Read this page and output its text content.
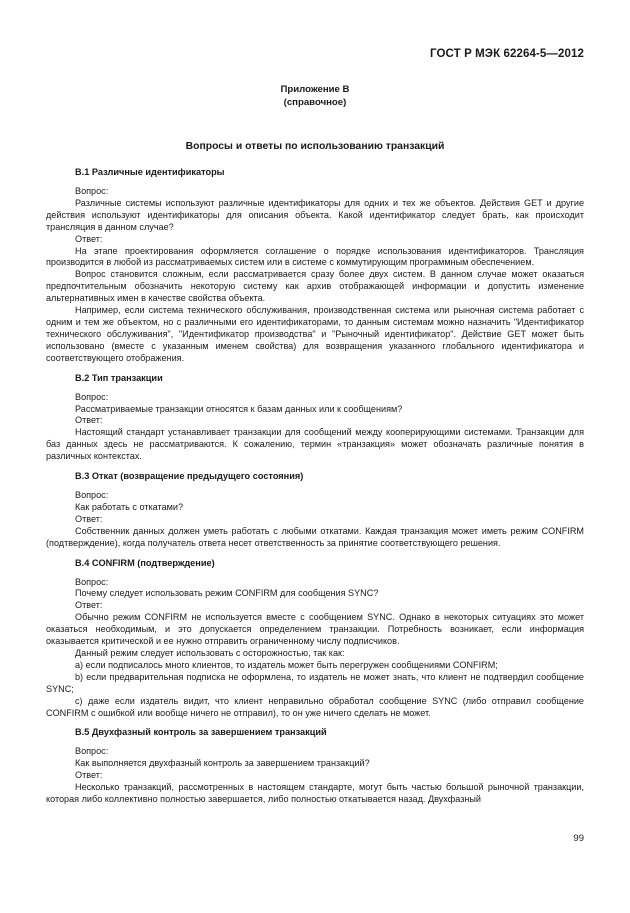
ГОСТ Р МЭК 62264-5—2012
Приложение В
(справочное)
Вопросы и ответы по использованию транзакций
В.1 Различные идентификаторы

Вопрос:

Различные системы используют различные идентификаторы для одних и тех же объектов. Действия GET и другие действия используют идентификаторы для описания объекта. Какой идентификатор следует брать, как происходит трансляция в данном случае?

Ответ:

На этапе проектирования оформляется соглашение о порядке использования идентификаторов. Трансляция производится в любой из рассматриваемых систем или в системе с коммутирующим программным обеспечением.

Вопрос становится сложным, если рассматривается сразу более двух систем. В данном случае может оказаться предпочтительным обозначить некоторую систему как архив отображающей информации и допустить изменение альтернативных имен в качестве свойства объекта.

Например, если система технического обслуживания, производственная система или рыночная система работает с одним и тем же объектом, но с различными его идентификаторами, то данным системам можно назначить "Идентификатор технического обслуживания", "Идентификатор производства" и "Рыночный идентификатор". Действие GET может быть использовано (вместе с указанным именем свойства) для возвращения указанного глобального идентификатора и соответствующего отображения.

В.2 Тип транзакции

Вопрос:

Рассматриваемые транзакции относятся к базам данных или к сообщениям?

Ответ:

Настоящий стандарт устанавливает транзакции для сообщений между кооперирующими системами. Транзакции для баз данных здесь не рассматриваются. К сожалению, термин «транзакция» может обозначать различные понятия в различных контекстах.

В.3 Откат (возвращение предыдущего состояния)

Вопрос:

Как работать с откатами?

Ответ:

Собственник данных должен уметь работать с любыми откатами. Каждая транзакция может иметь режим CONFIRM (подтверждение), когда получатель ответа несет ответственность за принятие соответствующего решения.

В.4 CONFIRM (подтверждение)

Вопрос:

Почему следует использовать режим CONFIRM для сообщения SYNC?

Ответ:

Обычно режим CONFIRM не используется вместе с сообщением SYNC. Однако в некоторых ситуациях это может оказаться необходимым, и это допускается определением транзакции. Потребность возникает, если информация оказывается критической и ее нужно отправить ограниченному числу подписчиков.

Данный режим следует использовать с осторожностью, так как:

a) если подписалось много клиентов, то издатель может быть перегружен сообщениями CONFIRM;

b) если предварительная подписка не оформлена, то издатель не может знать, что клиент не подтвердил сообщение SYNC;

c) даже если издатель видит, что клиент неправильно обработал сообщение SYNC (либо отправил сообщение CONFIRM с ошибкой или вообще ничего не отправил), то он уже ничего сделать не может.

В.5 Двухфазный контроль за завершением транзакций

Вопрос:

Как выполняется двухфазный контроль за завершением транзакций?

Ответ:

Несколько транзакций, рассмотренных в настоящем стандарте, могут быть частью большой рыночной транзакции, которая либо коллективно полностью завершается, либо полностью откатывается назад. Двухфазный

99
